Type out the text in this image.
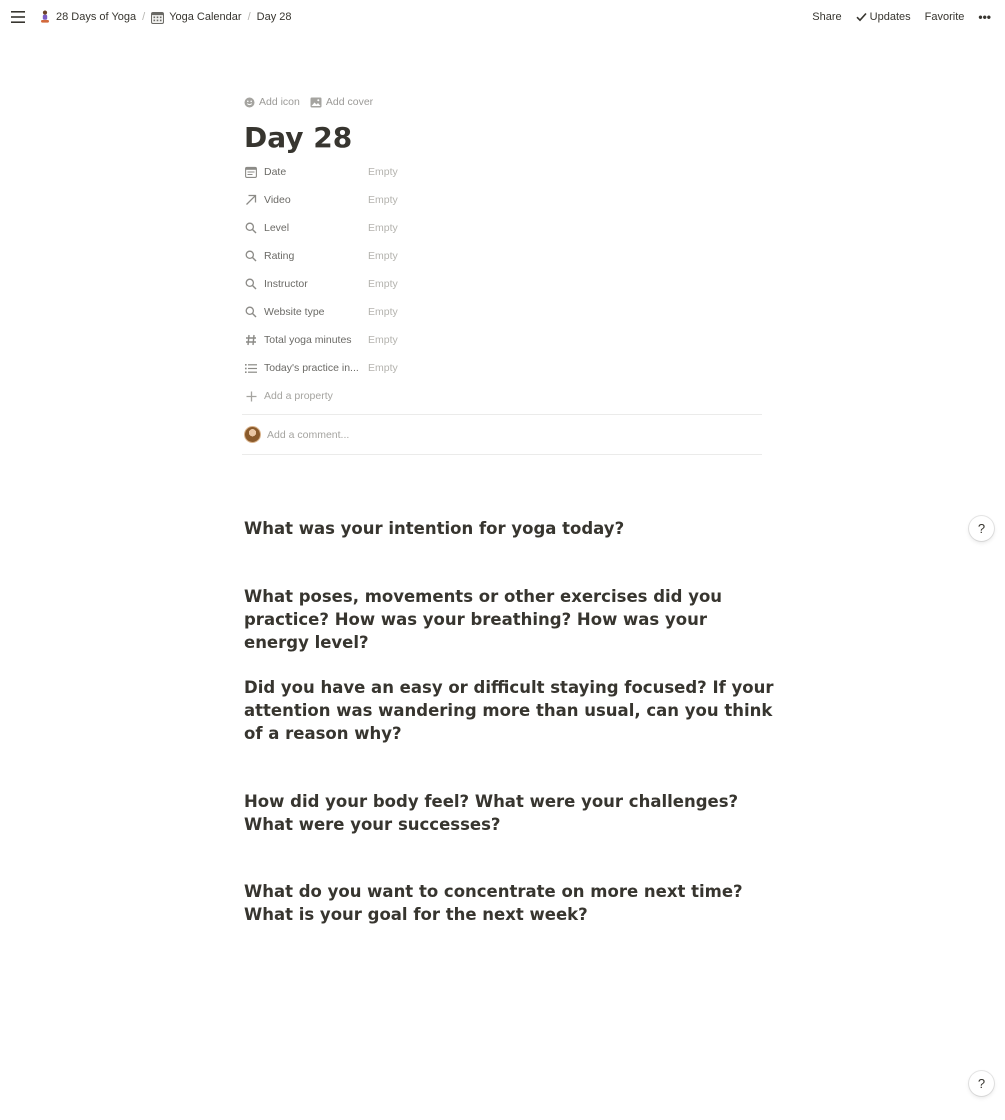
28 Days of Yoga / Yoga Calendar / Day 28	Share	Updates Favorite •••
Add icon Add cover
Day 28
Date	Empty
Video	Empty
Level	Empty
Rating	Empty
Instructor	Empty
Website type	Empty
Total yoga minutes Empty
Today's practice in... Empty
Add a property
Add a comment...

What was your intention for yoga today?

What poses, movements or other exercises did you practice? How was your breathing? How was your energy level?

Did you have an easy or difficult staying focused? If your attention was wandering more than usual, can you think of a reason why?

How did your body feel? What were your challenges? What were your successes?

What do you want to concentrate on more next time? What is your goal for the next week?

?
?
